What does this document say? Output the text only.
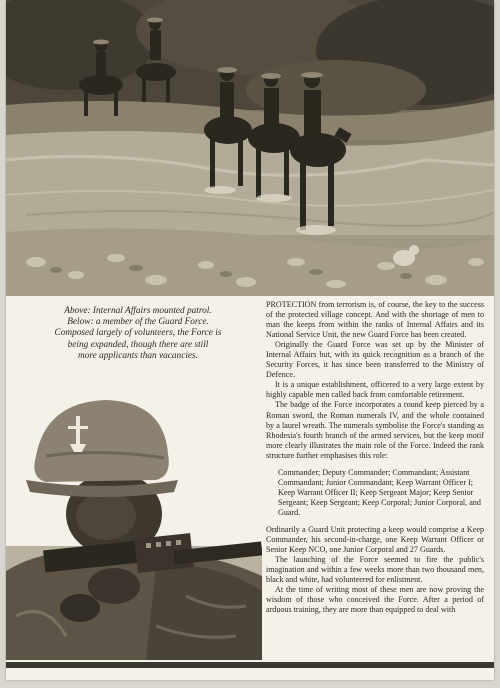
Above: Internal Affairs mounted patrol.
Below: a member of the Guard Force.
Composed largely of volunteers, the Force is
being expanded, though there are still
more applicants than vacancies.

PROTECTION from terrorism is, of course, the key to the success of the protected village concept. And with the shortage of men to man the keeps from within the ranks of Internal Affairs and its National Service Unit, the new Guard Force has been created.

Originally the Guard Force was set up by the Minister of Internal Affairs but, with its quick recognition as a branch of the Security Forces, it has since been transferred to the Ministry of Defence.

It is a unique establishment, officered to a very large extent by highly capable men called back from comfortable retirement.

The badge of the Force incorporates a round keep pierced by a Roman sword, the Roman numerals IV, and the whole contained by a laurel wreath. The numerals symbolise the Force's standing as Rhodesia's fourth branch of the armed services, but the keep motif more clearly illustrates the main role of the Force. Indeed the rank structure further emphasises this role:

Commander; Deputy Commander; Commandant; Assistant Commandant; Junior Commandant; Keep Warrant Officer I; Keep Warrant Officer II; Keep Sergeant Major; Keep Senior Sergeant; Keep Sergeant; Keep Corporal; Junior Corporal, and Guard.

Ordinarily a Guard Unit protecting a keep would comprise a Keep Commander, his second-in-charge, one Keep Warrant Officer or Senior Keep NCO, one Junior Corporal and 27 Guards.

The launching of the Force seemed to fire the public's imagination and within a few weeks more than two thousand men, black and white, had volunteered for enlistment.

At the time of writing most of these men are now proving the wisdom of those who conceived the Force. After a period of arduous training, they are more than equipped to deal with
